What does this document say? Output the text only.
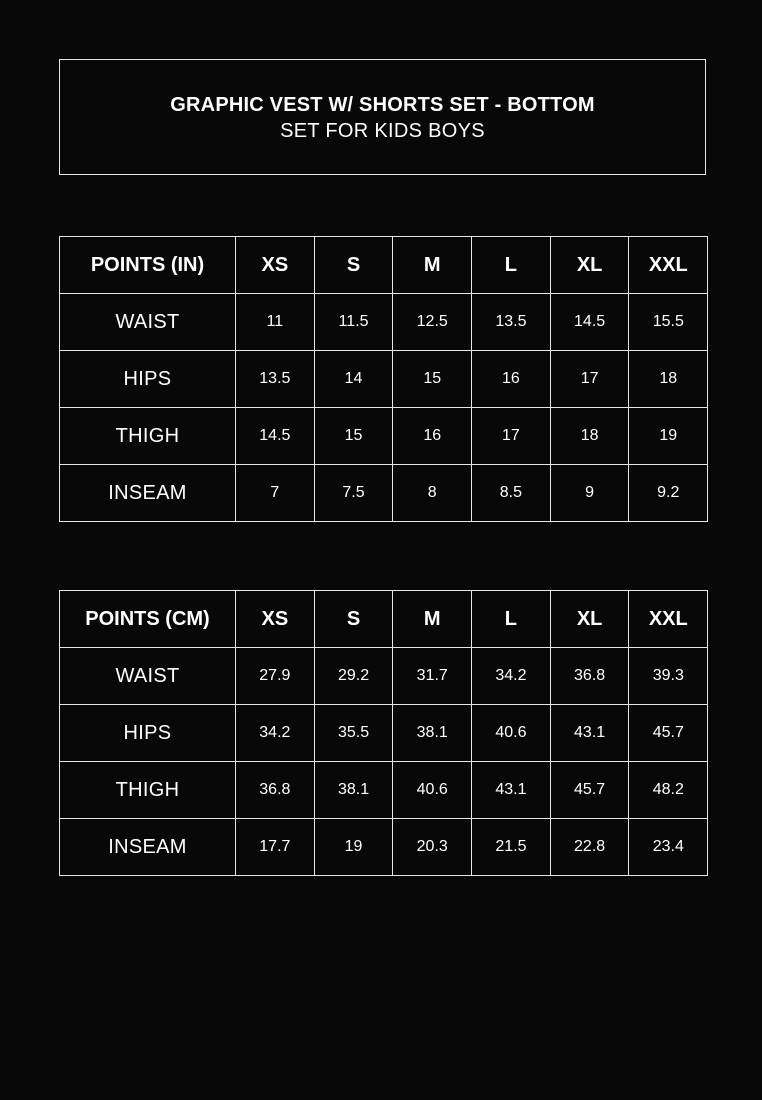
GRAPHIC VEST W/ SHORTS SET - BOTTOM
SET FOR KIDS BOYS
POINTS (IN)	XS	S	M	L	XL	XXL
WAIST	11	11.5	12.5	13.5	14.5	15.5
HIPS	13.5	14	15	16	17	18
THIGH	14.5	15	16	17	18	19
INSEAM	7	7.5	8	8.5	9	9.2
POINTS (CM)	XS	S	M	L	XL	XXL
WAIST	27.9	29.2	31.7	34.2	36.8	39.3
HIPS	34.2	35.5	38.1	40.6	43.1	45.7
THIGH	36.8	38.1	40.6	43.1	45.7	48.2
INSEAM	17.7	19	20.3	21.5	22.8	23.4
